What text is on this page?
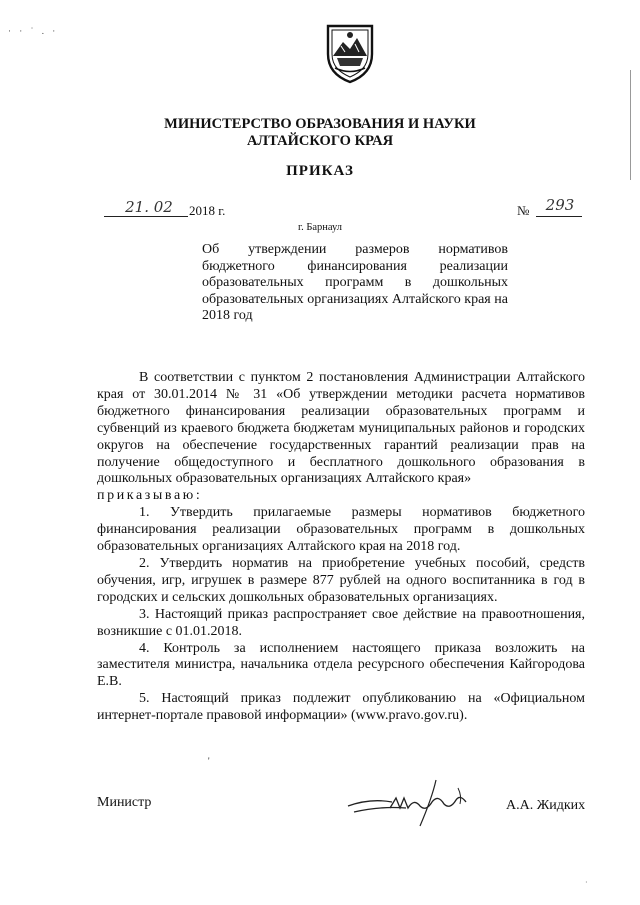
· · ˙ . ·
МИНИСТЕРСТВО ОБРАЗОВАНИЯ И НАУКИ
АЛТАЙСКОГО КРАЯ
ПРИКАЗ
21. 02	2018 г.	№	293
г. Барнаул
Об утверждении размеров нормативов бюджетного финансирования реализации образовательных программ в дошкольных образовательных организациях Алтайского края на 2018 год

В соответствии с пунктом 2 постановления Администрации Алтайского края от 30.01.2014 № 31 «Об утверждении методики расчета нормативов бюджетного финансирования реализации образовательных программ и субвенций из краевого бюджета бюджетам муниципальных районов и городских округов на обеспечение государственных гарантий реализации прав на получение общедоступного и бесплатного дошкольного образования в дошкольных образовательных организациях Алтайского края»

приказываю:

1. Утвердить прилагаемые размеры нормативов бюджетного финансирования реализации образовательных программ в дошкольных образовательных организациях Алтайского края на 2018 год.

2. Утвердить норматив на приобретение учебных пособий, средств обучения, игр, игрушек в размере 877 рублей на одного воспитанника в год в городских и сельских дошкольных образовательных организациях.

3. Настоящий приказ распространяет свое действие на правоотношения, возникшие с 01.01.2018.

4. Контроль за исполнением настоящего приказа возложить на заместителя министра, начальника отдела ресурсного обеспечения Кайгородова Е.В.

5. Настоящий приказ подлежит опубликованию на «Официальном интернет-портале правовой информации» (www.pravo.gov.ru).

'
Министр	А.А. Жидких
·
